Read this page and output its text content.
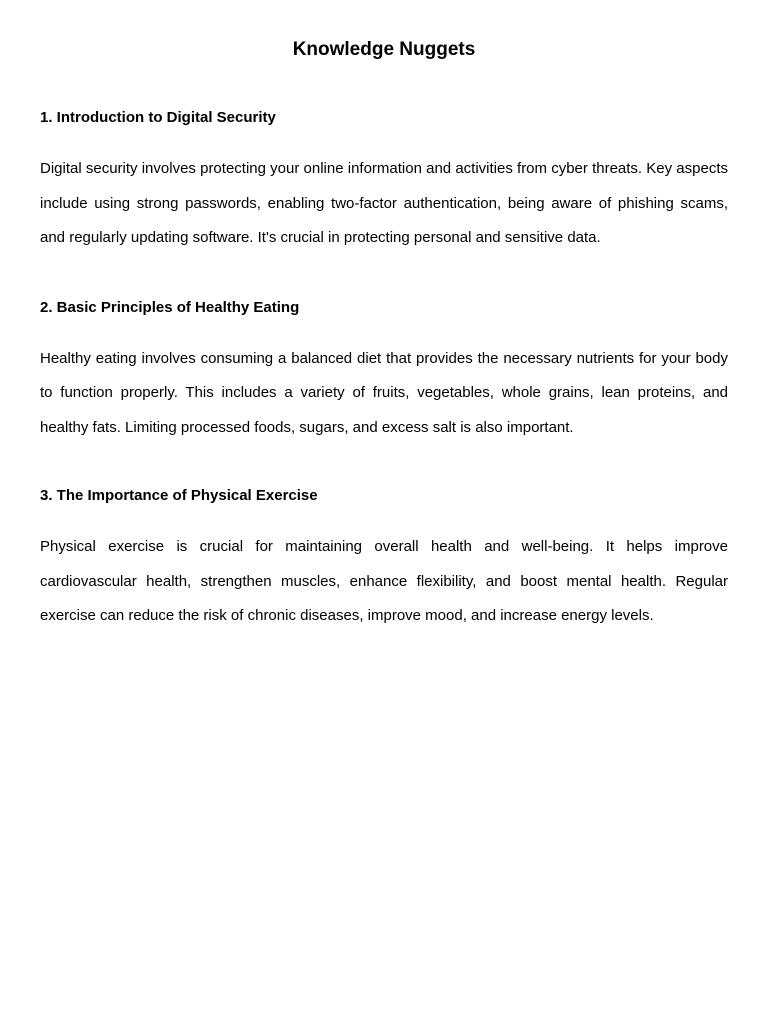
Knowledge Nuggets
1. Introduction to Digital Security

Digital security involves protecting your online information and activities from cyber threats. Key aspects include using strong passwords, enabling two-factor authentication, being aware of phishing scams, and regularly updating software. It's crucial in protecting personal and sensitive data.

2. Basic Principles of Healthy Eating

Healthy eating involves consuming a balanced diet that provides the necessary nutrients for your body to function properly. This includes a variety of fruits, vegetables, whole grains, lean proteins, and healthy fats. Limiting processed foods, sugars, and excess salt is also important.

3. The Importance of Physical Exercise

Physical exercise is crucial for maintaining overall health and well-being. It helps improve cardiovascular health, strengthen muscles, enhance flexibility, and boost mental health. Regular exercise can reduce the risk of chronic diseases, improve mood, and increase energy levels.
